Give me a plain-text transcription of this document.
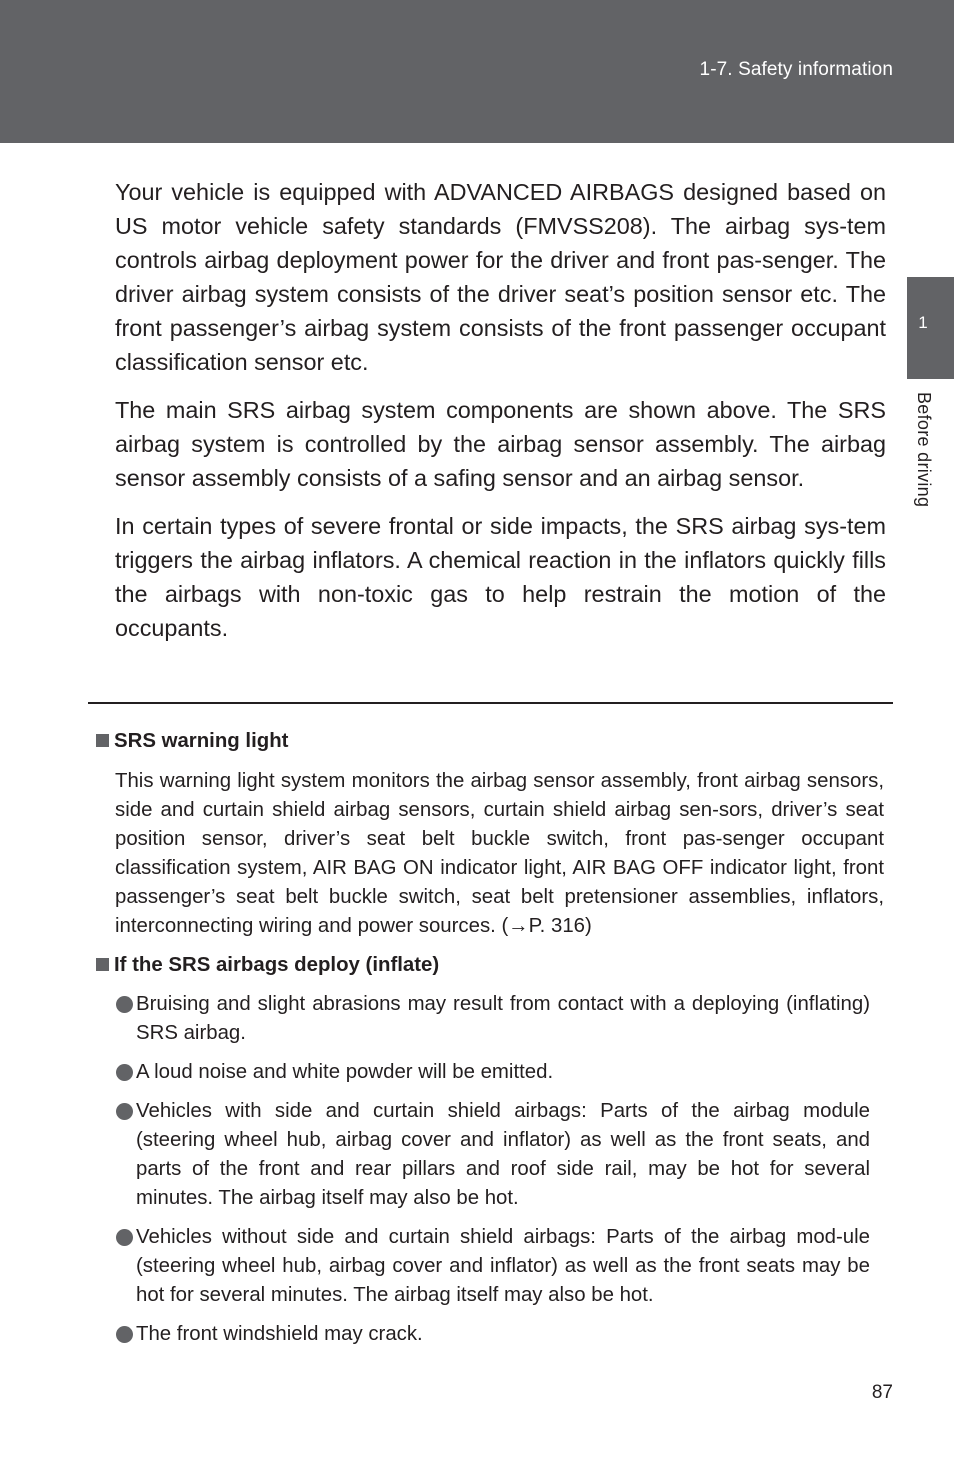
1-7. Safety information
1
Before driving

Your vehicle is equipped with ADVANCED AIRBAGS designed based on US motor vehicle safety standards (FMVSS208). The airbag sys-tem controls airbag deployment power for the driver and front pas-senger. The driver airbag system consists of the driver seat’s position sensor etc. The front passenger’s airbag system consists of the front passenger occupant classification sensor etc.

The main SRS airbag system components are shown above. The SRS airbag system is controlled by the airbag sensor assembly. The airbag sensor assembly consists of a safing sensor and an airbag sensor.

In certain types of severe frontal or side impacts, the SRS airbag sys-tem triggers the airbag inflators. A chemical reaction in the inflators quickly fills the airbags with non-toxic gas to help restrain the motion of the occupants.

SRS warning light
This warning light system monitors the airbag sensor assembly, front airbag sensors, side and curtain shield airbag sensors, curtain shield airbag sen-sors, driver’s seat position sensor, driver’s seat belt buckle switch, front pas-senger occupant classification system, AIR BAG ON indicator light, AIR BAG OFF indicator light, front passenger’s seat belt buckle switch, seat belt pretensioner assemblies, inflators, interconnecting wiring and power sources. (→P. 316)
If the SRS airbags deploy (inflate)
Bruising and slight abrasions may result from contact with a deploying (inflating) SRS airbag.
A loud noise and white powder will be emitted.
Vehicles with side and curtain shield airbags: Parts of the airbag module (steering wheel hub, airbag cover and inflator) as well as the front seats, and parts of the front and rear pillars and roof side rail, may be hot for several minutes. The airbag itself may also be hot.
Vehicles without side and curtain shield airbags: Parts of the airbag mod-ule (steering wheel hub, airbag cover and inflator) as well as the front seats may be hot for several minutes. The airbag itself may also be hot.
The front windshield may crack.
87
